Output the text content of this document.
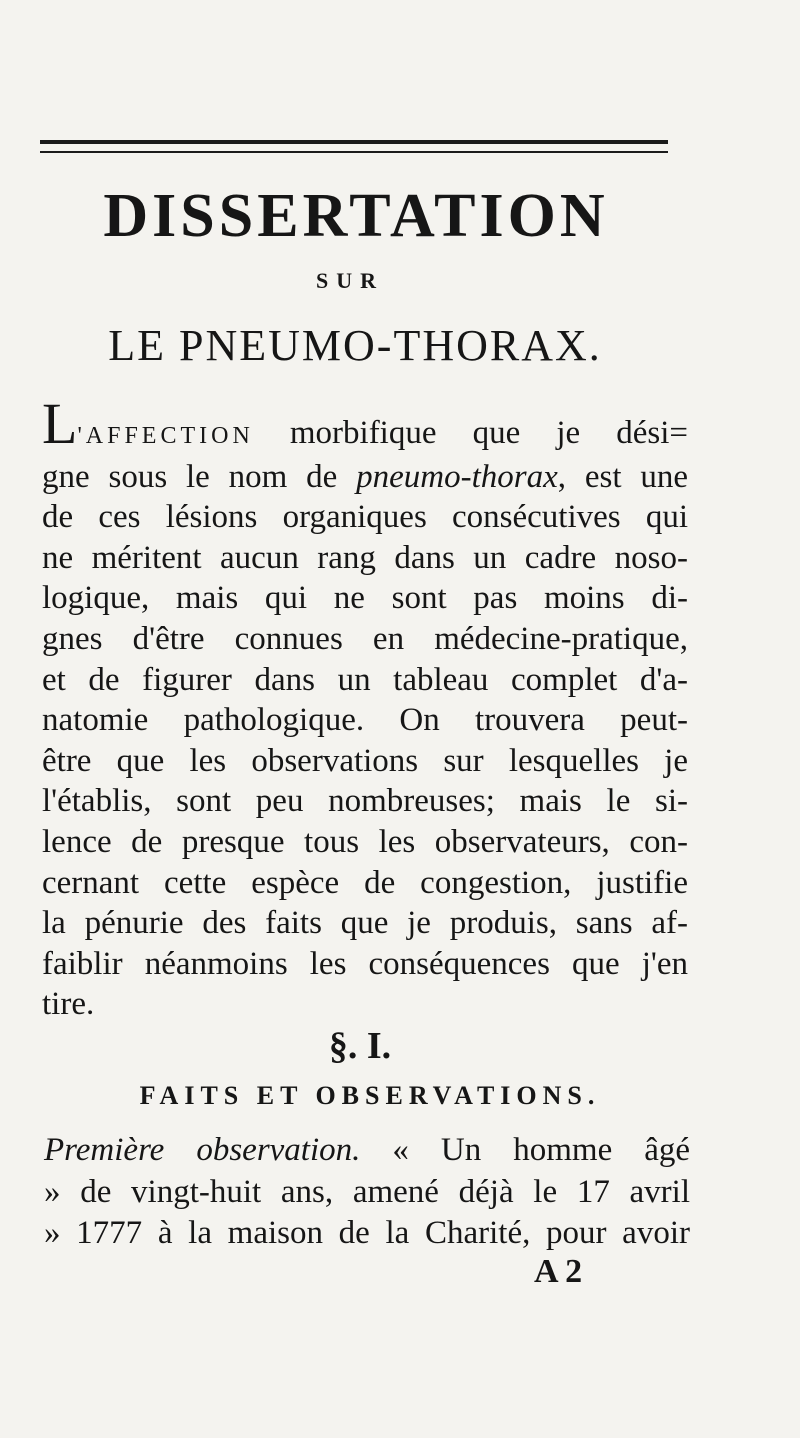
DISSERTATION
SUR
LE PNEUMO-THORAX.
L'AFFECTION morbifique que je dési=
gne sous le nom de pneumo-thorax, est une
de ces lésions organiques consécutives qui
ne méritent aucun rang dans un cadre noso-
logique, mais qui ne sont pas moins di-
gnes d'être connues en médecine-pratique,
et de figurer dans un tableau complet d'a-
natomie pathologique. On trouvera peut-
être que les observations sur lesquelles je
l'établis, sont peu nombreuses; mais le si-
lence de presque tous les observateurs, con-
cernant cette espèce de congestion, justifie
la pénurie des faits que je produis, sans af-
faiblir néanmoins les conséquences que j'en
tire.
§. I.
FAITS ET OBSERVATIONS.
Première observation. « Un homme âgé
» de vingt-huit ans, amené déjà le 17 avril
» 1777 à la maison de la Charité, pour avoir
A 2
